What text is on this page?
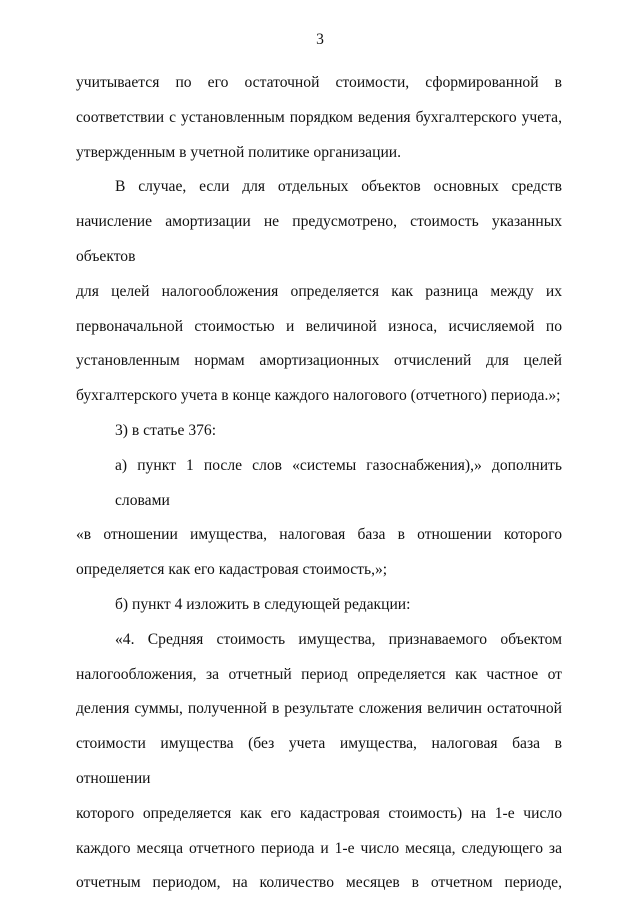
3
учитывается по его остаточной стоимости, сформированной в
соответствии с установленным порядком ведения бухгалтерского учета,
утвержденным в учетной политике организации.
В случае, если для отдельных объектов основных средств
начисление амортизации не предусмотрено, стоимость указанных объектов
для целей налогообложения определяется как разница между их
первоначальной стоимостью и величиной износа, исчисляемой по
установленным нормам амортизационных отчислений для целей
бухгалтерского учета в конце каждого налогового (отчетного) периода.»;
3) в статье 376:
а) пункт 1 после слов «системы газоснабжения),» дополнить словами
«в отношении имущества, налоговая база в отношении которого
определяется как его кадастровая стоимость,»;
б) пункт 4 изложить в следующей редакции:
«4. Средняя стоимость имущества, признаваемого объектом
налогообложения, за отчетный период определяется как частное от
деления суммы, полученной в результате сложения величин остаточной
стоимости имущества (без учета имущества, налоговая база в отношении
которого определяется как его кадастровая стоимость) на 1-е число
каждого месяца отчетного периода и 1-е число месяца, следующего за
отчетным периодом, на количество месяцев в отчетном периоде,
